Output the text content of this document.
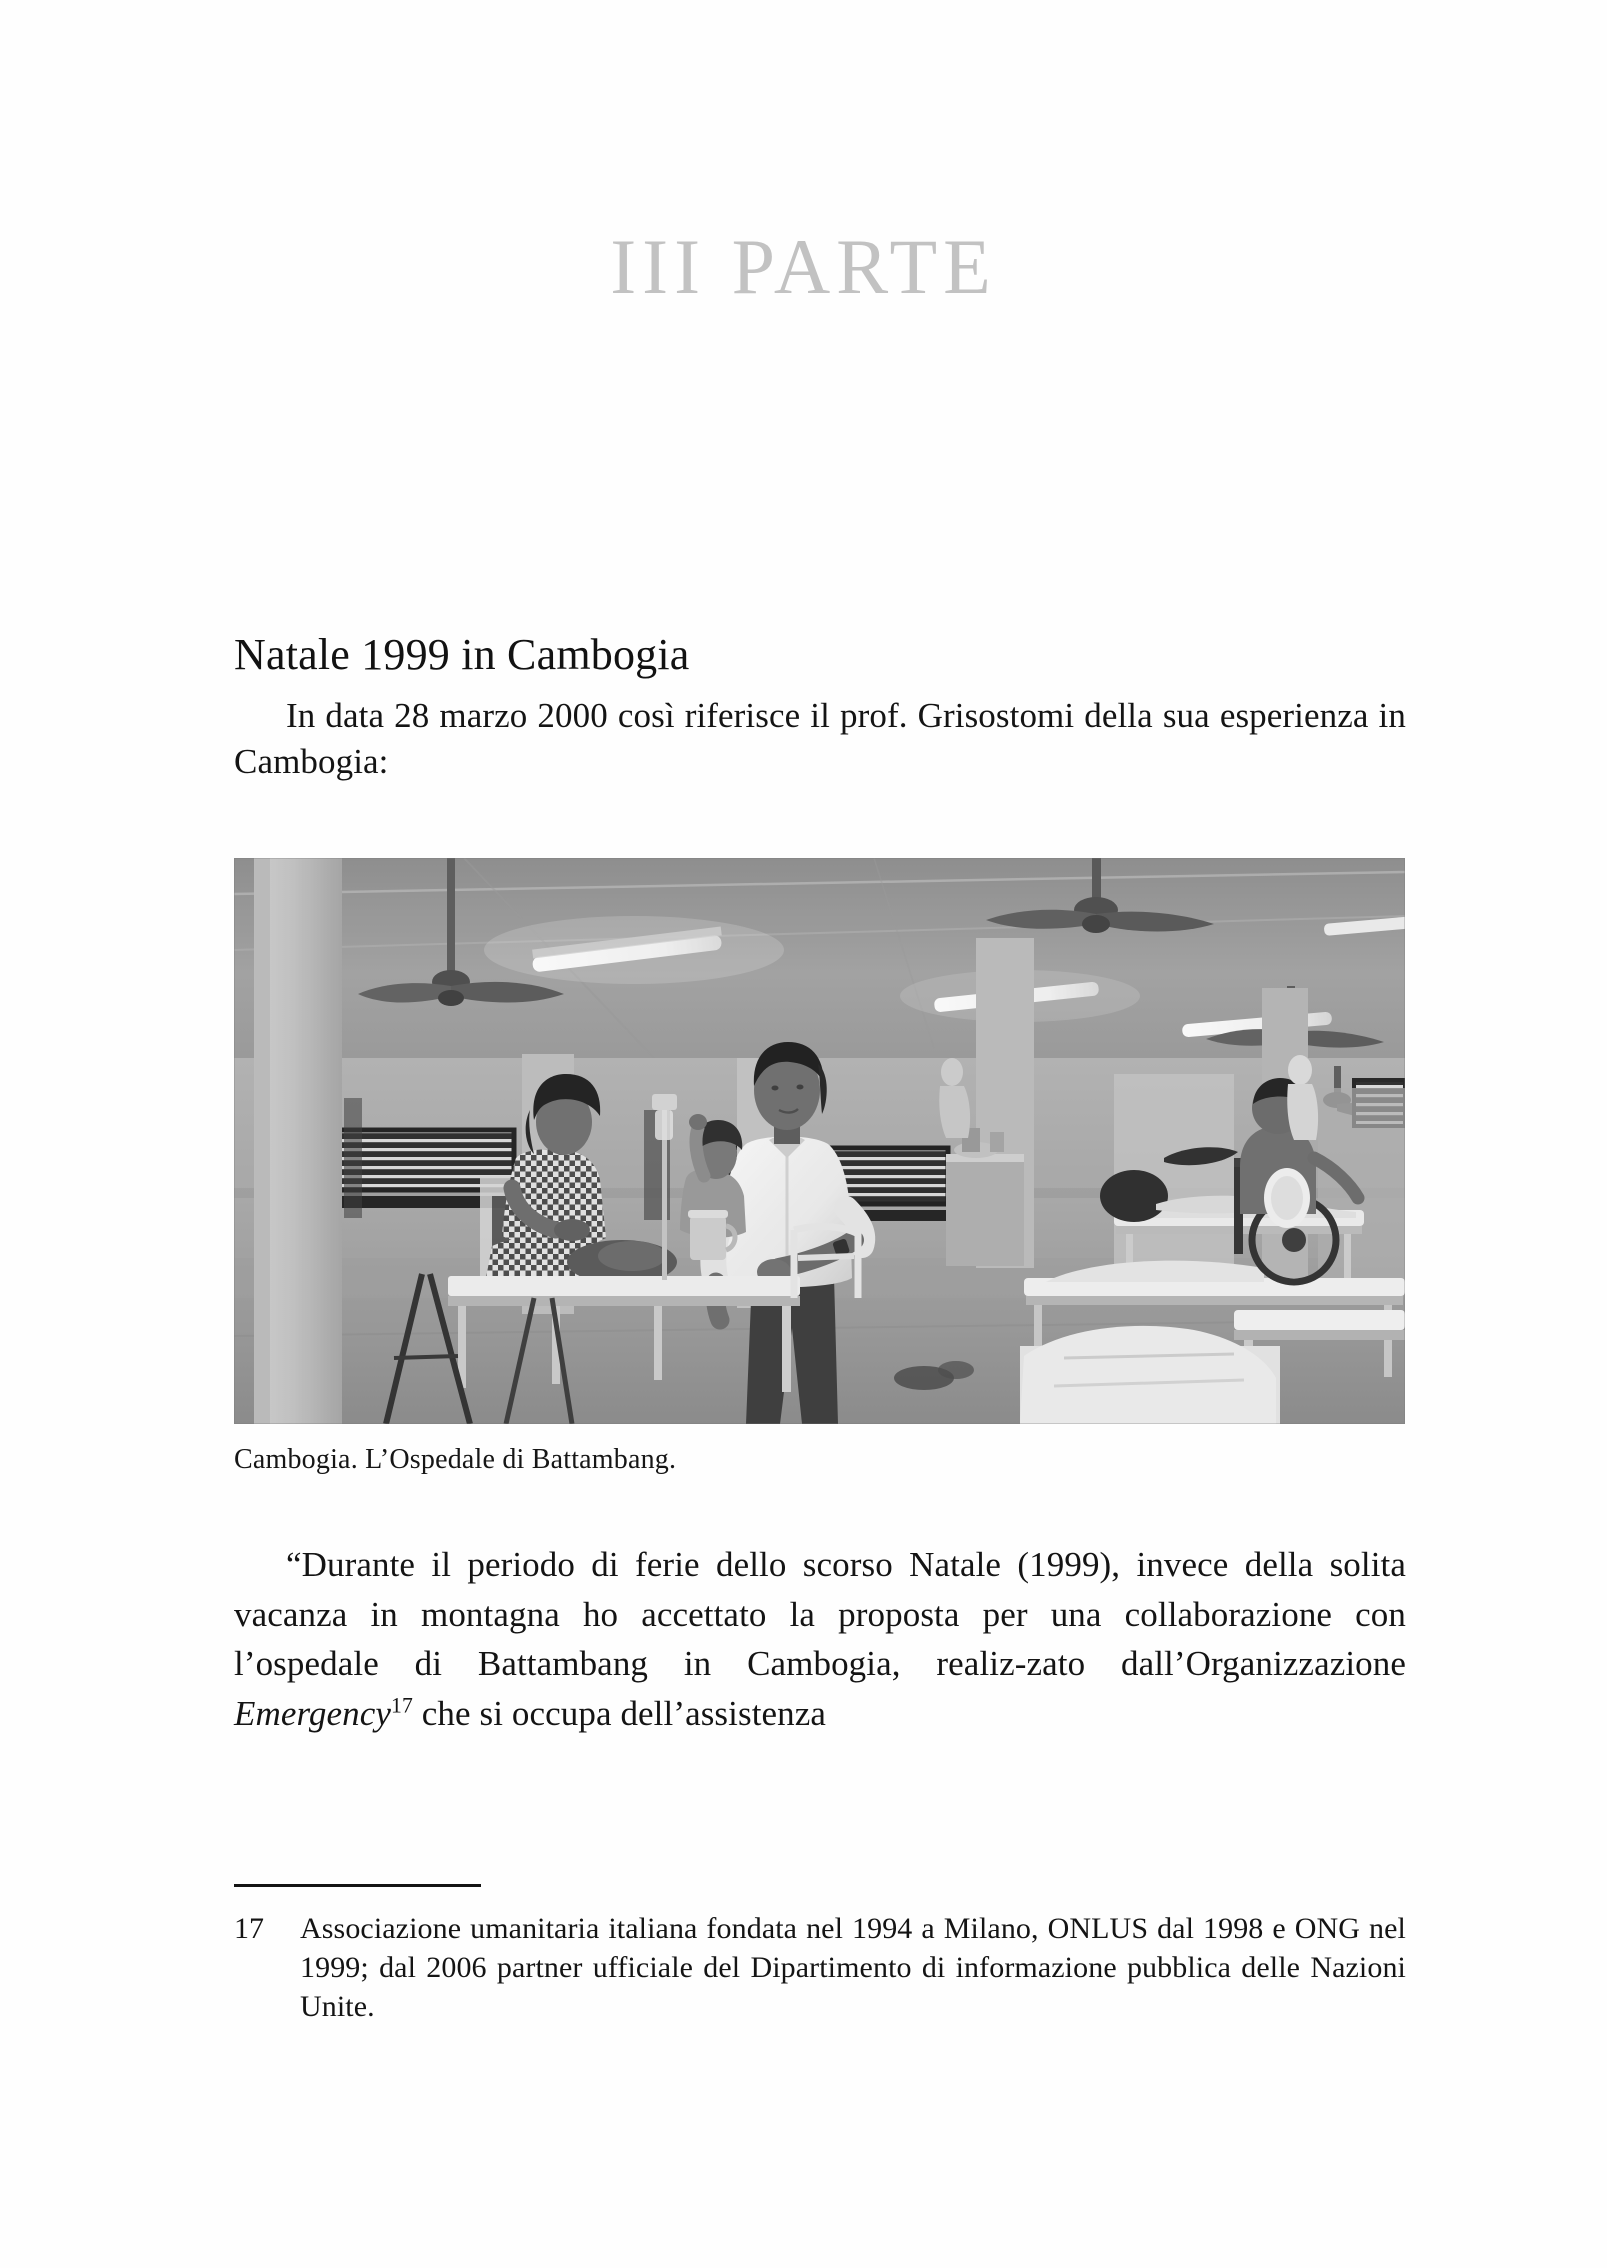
III PARTE
Natale 1999 in Cambogia

In data 28 marzo 2000 così riferisce il prof. Grisostomi della sua esperienza in Cambogia:

Cambogia. L’Ospedale di Battambang.

“Durante il periodo di ferie dello scorso Natale (1999), invece della solita vacanza in montagna ho accettato la proposta per una collaborazione con l’ospedale di Battambang in Cambogia, realiz-zato dall’Organizzazione Emergency$^{17}$ che si occupa dell’assistenza

17	Associazione umanitaria italiana fondata nel 1994 a Milano, ONLUS dal 1998 e ONG nel 1999; dal 2006 partner ufficiale del Dipartimento di informazione pubblica delle Nazioni Unite.
